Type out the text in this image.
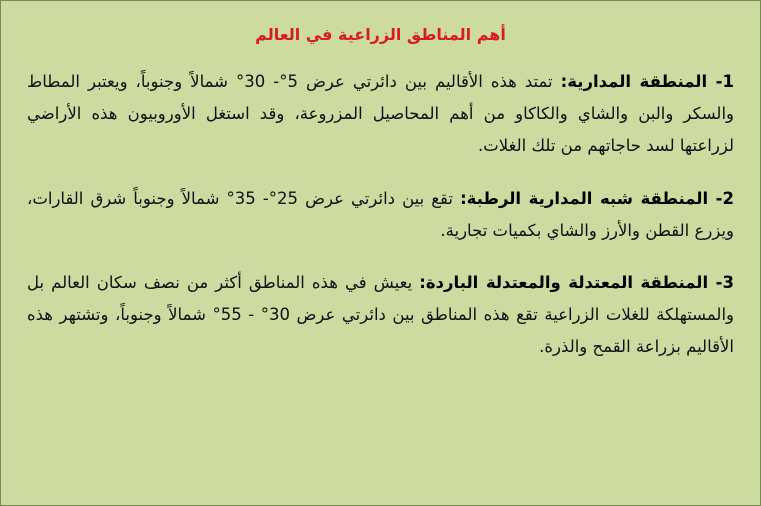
أهم المناطق الزراعية في العالم

1- المنطقة المدارية: تمتد هذه الأقاليم بين دائرتي عرض 5°- 30° شمالاً وجنوباً، ويعتبر المطاط والسكر والبن والشاي والكاكاو من أهم المحاصيل المزروعة، وقد استغل الأوروبيون هذه الأراضي لزراعتها لسد حاجاتهم من تلك الغلات.

2- المنطقة شبه المدارية الرطبة: تقع بين دائرتي عرض 25°- 35° شمالاً وجنوباً شرق القارات، ويزرع القطن والأرز والشاي بكميات تجارية.

3- المنطقة المعتدلة والمعتدلة الباردة: يعيش في هذه المناطق أكثر من نصف سكان العالم بل والمستهلكة للغلات الزراعية تقع هذه المناطق بين دائرتي عرض 30° - 55° شمالاً وجنوباً، وتشتهر هذه الأقاليم بزراعة القمح والذرة.
